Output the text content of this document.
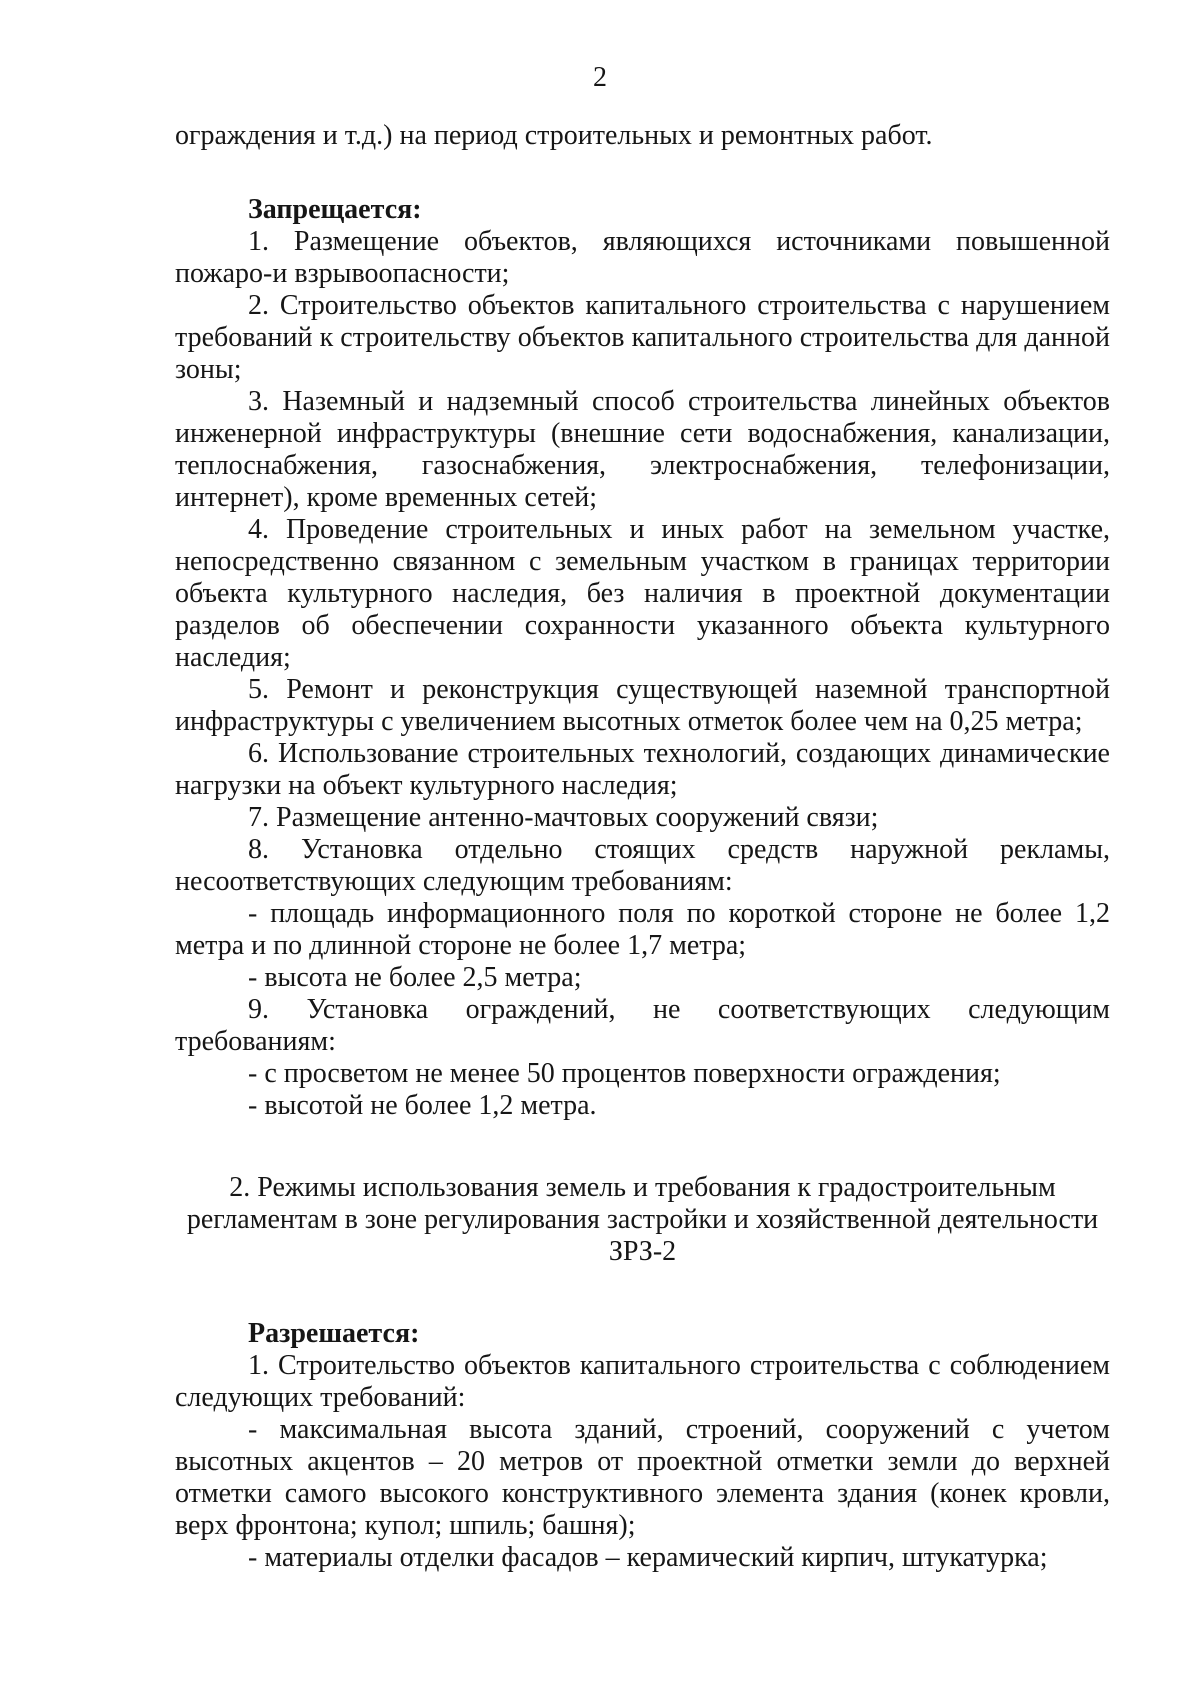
2

ограждения и т.д.) на период строительных и ремонтных работ.

Запрещается:

1. Размещение объектов, являющихся источниками повышенной пожаро-и взрывоопасности;

2. Строительство объектов капитального строительства с нарушением требований к строительству объектов капитального строительства для данной зоны;

3. Наземный и надземный способ строительства линейных объектов инженерной инфраструктуры (внешние сети водоснабжения, канализации, теплоснабжения, газоснабжения, электроснабжения, телефонизации, интернет), кроме временных сетей;

4. Проведение строительных и иных работ на земельном участке, непосредственно связанном с земельным участком в границах территории объекта культурного наследия, без наличия в проектной документации разделов об обеспечении сохранности указанного объекта культурного наследия;

5. Ремонт и реконструкция существующей наземной транспортной инфраструктуры с увеличением высотных отметок более чем на 0,25 метра;

6. Использование строительных технологий, создающих динамические нагрузки на объект культурного наследия;

7. Размещение антенно-мачтовых сооружений связи;

8. Установка отдельно стоящих средств наружной рекламы, несоответствующих следующим требованиям:

- площадь информационного поля по короткой стороне не более 1,2 метра и по длинной стороне не более 1,7 метра;

- высота не более 2,5 метра;

9. Установка ограждений, не соответствующих следующим требованиям:

- с просветом не менее 50 процентов поверхности ограждения;

- высотой не более 1,2 метра.

2. Режимы использования земель и требования к градостроительным

регламентам в зоне регулирования застройки и хозяйственной деятельности

ЗРЗ-2

Разрешается:

1. Строительство объектов капитального строительства с соблюдением следующих требований:

- максимальная высота зданий, строений, сооружений с учетом высотных акцентов – 20 метров от проектной отметки земли до верхней отметки самого высокого конструктивного элемента здания (конек кровли, верх фронтона; купол; шпиль; башня);

- материалы отделки фасадов – керамический кирпич, штукатурка;
